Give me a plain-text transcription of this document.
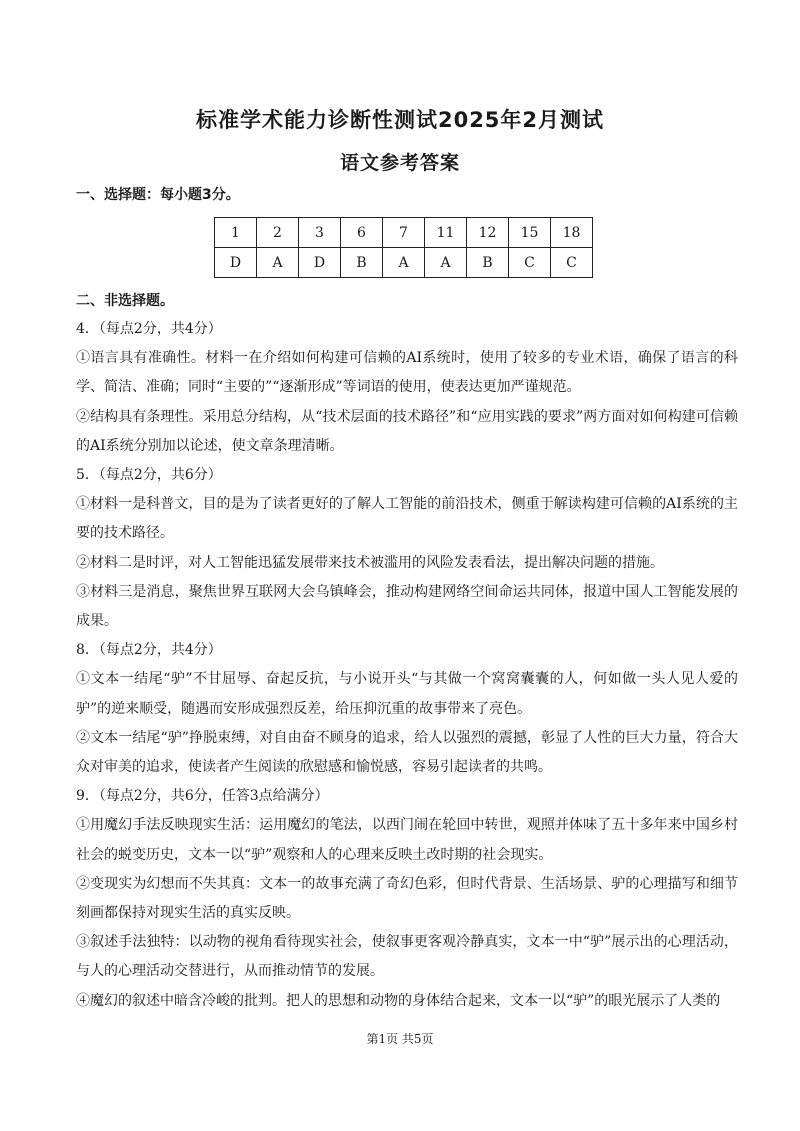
标准学术能力诊断性测试2025年2月测试
语文参考答案
一、选择题：每小题3分。
1	2	3	6	7	11	12	15	18
D	A	D	B	A	A	B	C	C
二、非选择题。

4．（每点2分，共4分）

①语言具有准确性。材料一在介绍如何构建可信赖的AI系统时，使用了较多的专业术语，确保了语言的科学、简洁、准确；同时“主要的”“逐渐形成”等词语的使用，使表达更加严谨规范。

②结构具有条理性。采用总分结构，从“技术层面的技术路径”和“应用实践的要求”两方面对如何构建可信赖的AI系统分别加以论述，使文章条理清晰。

5．（每点2分，共6分）

①材料一是科普文，目的是为了读者更好的了解人工智能的前沿技术，侧重于解读构建可信赖的AI系统的主要的技术路径。

②材料二是时评，对人工智能迅猛发展带来技术被滥用的风险发表看法，提出解决问题的措施。

③材料三是消息，聚焦世界互联网大会乌镇峰会，推动构建网络空间命运共同体，报道中国人工智能发展的成果。

8．（每点2分，共4分）

①文本一结尾“驴”不甘屈辱、奋起反抗，与小说开头“与其做一个窝窝囊囊的人，何如做一头人见人爱的驴”的逆来顺受，随遇而安形成强烈反差，给压抑沉重的故事带来了亮色。

②文本一结尾“驴”挣脱束缚，对自由奋不顾身的追求，给人以强烈的震撼，彰显了人性的巨大力量，符合大众对审美的追求，使读者产生阅读的欣慰感和愉悦感，容易引起读者的共鸣。

9．（每点2分，共6分，任答3点给满分）

①用魔幻手法反映现实生活：运用魔幻的笔法，以西门闹在轮回中转世，观照并体味了五十多年来中国乡村社会的蜕变历史，文本一以“驴”观察和人的心理来反映土改时期的社会现实。

②变现实为幻想而不失其真：文本一的故事充满了奇幻色彩，但时代背景、生活场景、驴的心理描写和细节刻画都保持对现实生活的真实反映。

③叙述手法独特：以动物的视角看待现实社会，使叙事更客观冷静真实，文本一中“驴”展示出的心理活动，与人的心理活动交替进行，从而推动情节的发展。

④魔幻的叙述中暗含冷峻的批判。把人的思想和动物的身体结合起来，文本一以“驴”的眼光展示了人类的

第1页 共5页
